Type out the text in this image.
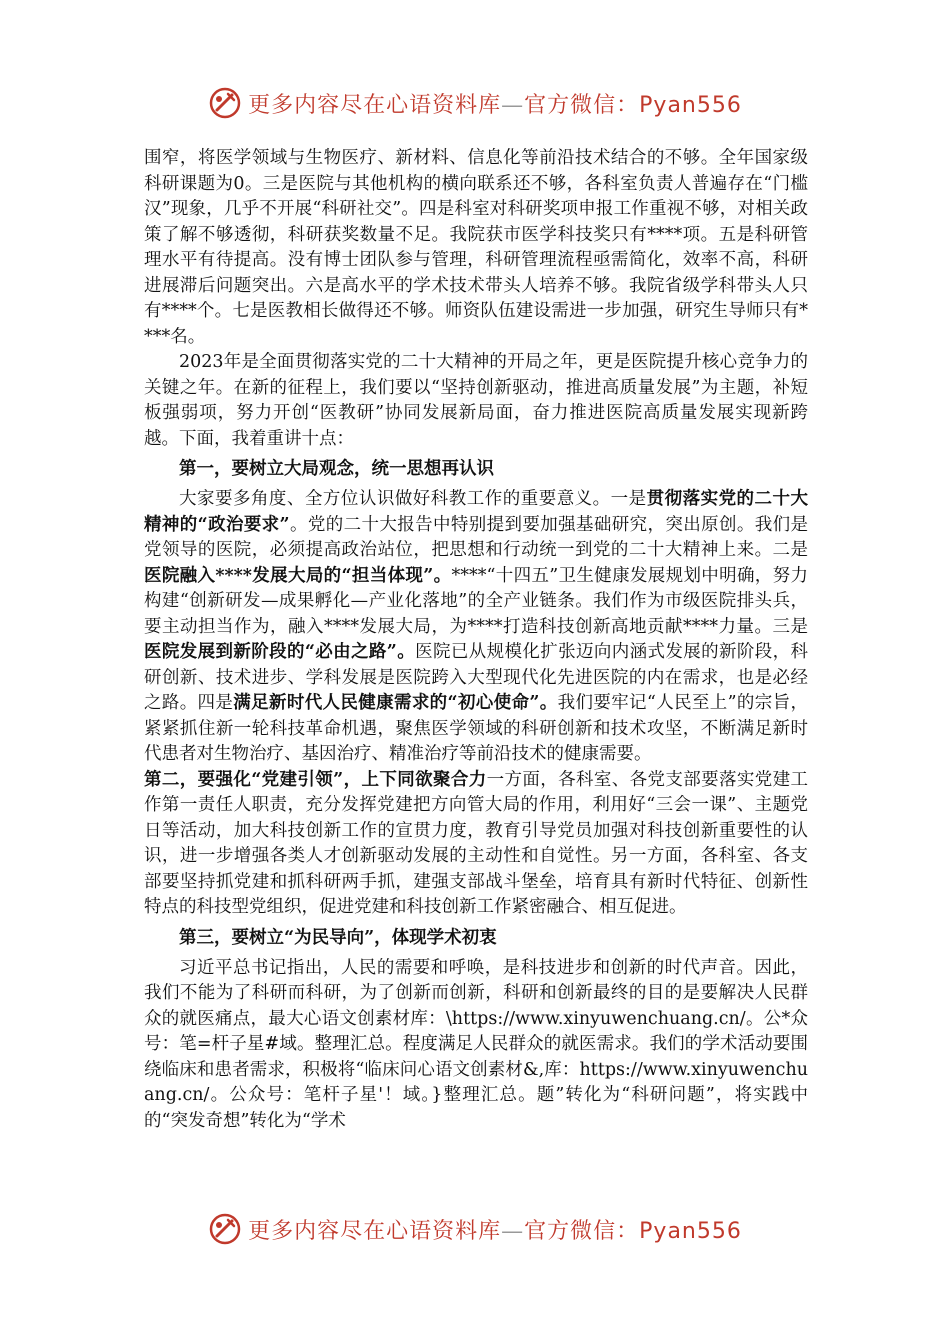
更多内容尽在心语资料库—官方微信：Pyan556

围窄，将医学领域与生物医疗、新材料、信息化等前沿技术结合的不够。全年国家级科研课题为0。三是医院与其他机构的横向联系还不够，各科室负责人普遍存在“门槛汉”现象，几乎不开展“科研社交”。四是科室对科研奖项申报工作重视不够，对相关政策了解不够透彻，科研获奖数量不足。我院获市医学科技奖只有****项。五是科研管理水平有待提高。没有博士团队参与管理，科研管理流程亟需简化，效率不高，科研进展滞后问题突出。六是高水平的学术技术带头人培养不够。我院省级学科带头人只有****个。七是医教相长做得还不够。师资队伍建设需进一步加强，研究生导师只有****名。

2023年是全面贯彻落实党的二十大精神的开局之年，更是医院提升核心竞争力的关键之年。在新的征程上，我们要以“坚持创新驱动，推进高质量发展”为主题，补短板强弱项，努力开创“医教研”协同发展新局面，奋力推进医院高质量发展实现新跨越。下面，我着重讲十点：

第一，要树立大局观念，统一思想再认识

大家要多角度、全方位认识做好科教工作的重要意义。一是贯彻落实党的二十大精神的“政治要求”。党的二十大报告中特别提到要加强基础研究，突出原创。我们是党领导的医院，必须提高政治站位，把思想和行动统一到党的二十大精神上来。二是医院融入****发展大局的“担当体现”。****“十四五”卫生健康发展规划中明确，努力构建“创新研发—成果孵化—产业化落地”的全产业链条。我们作为市级医院排头兵，要主动担当作为，融入****发展大局，为****打造科技创新高地贡献****力量。三是医院发展到新阶段的“必由之路”。医院已从规模化扩张迈向内涵式发展的新阶段，科研创新、技术进步、学科发展是医院跨入大型现代化先进医院的内在需求，也是必经之路。四是满足新时代人民健康需求的“初心使命”。我们要牢记“人民至上”的宗旨，紧紧抓住新一轮科技革命机遇，聚焦医学领域的科研创新和技术攻坚，不断满足新时代患者对生物治疗、基因治疗、精准治疗等前沿技术的健康需要。

第二，要强化“党建引领”，上下同欲聚合力一方面，各科室、各党支部要落实党建工作第一责任人职责，充分发挥党建把方向管大局的作用，利用好“三会一课”、主题党日等活动，加大科技创新工作的宣贯力度，教育引导党员加强对科技创新重要性的认识，进一步增强各类人才创新驱动发展的主动性和自觉性。另一方面，各科室、各支部要坚持抓党建和抓科研两手抓，建强支部战斗堡垒，培育具有新时代特征、创新性特点的科技型党组织，促进党建和科技创新工作紧密融合、相互促进。

第三，要树立“为民导向”，体现学术初衷

习近平总书记指出，人民的需要和呼唤，是科技进步和创新的时代声音。因此，我们不能为了科研而科研，为了创新而创新，科研和创新最终的目的是要解决人民群众的就医痛点，最大心语文创素材库：\https://www.xinyuwenchuang.cn/。公*众号：笔=杆子星#域。整理汇总。程度满足人民群众的就医需求。我们的学术活动要围绕临床和患者需求，积极将“临床问心语文创素材&,库：https://www.xinyuwenchuang.cn/。公众号：笔杆子星'！域。}整理汇总。题”转化为“科研问题”，将实践中的“突发奇想”转化为“学术

更多内容尽在心语资料库—官方微信：Pyan556
